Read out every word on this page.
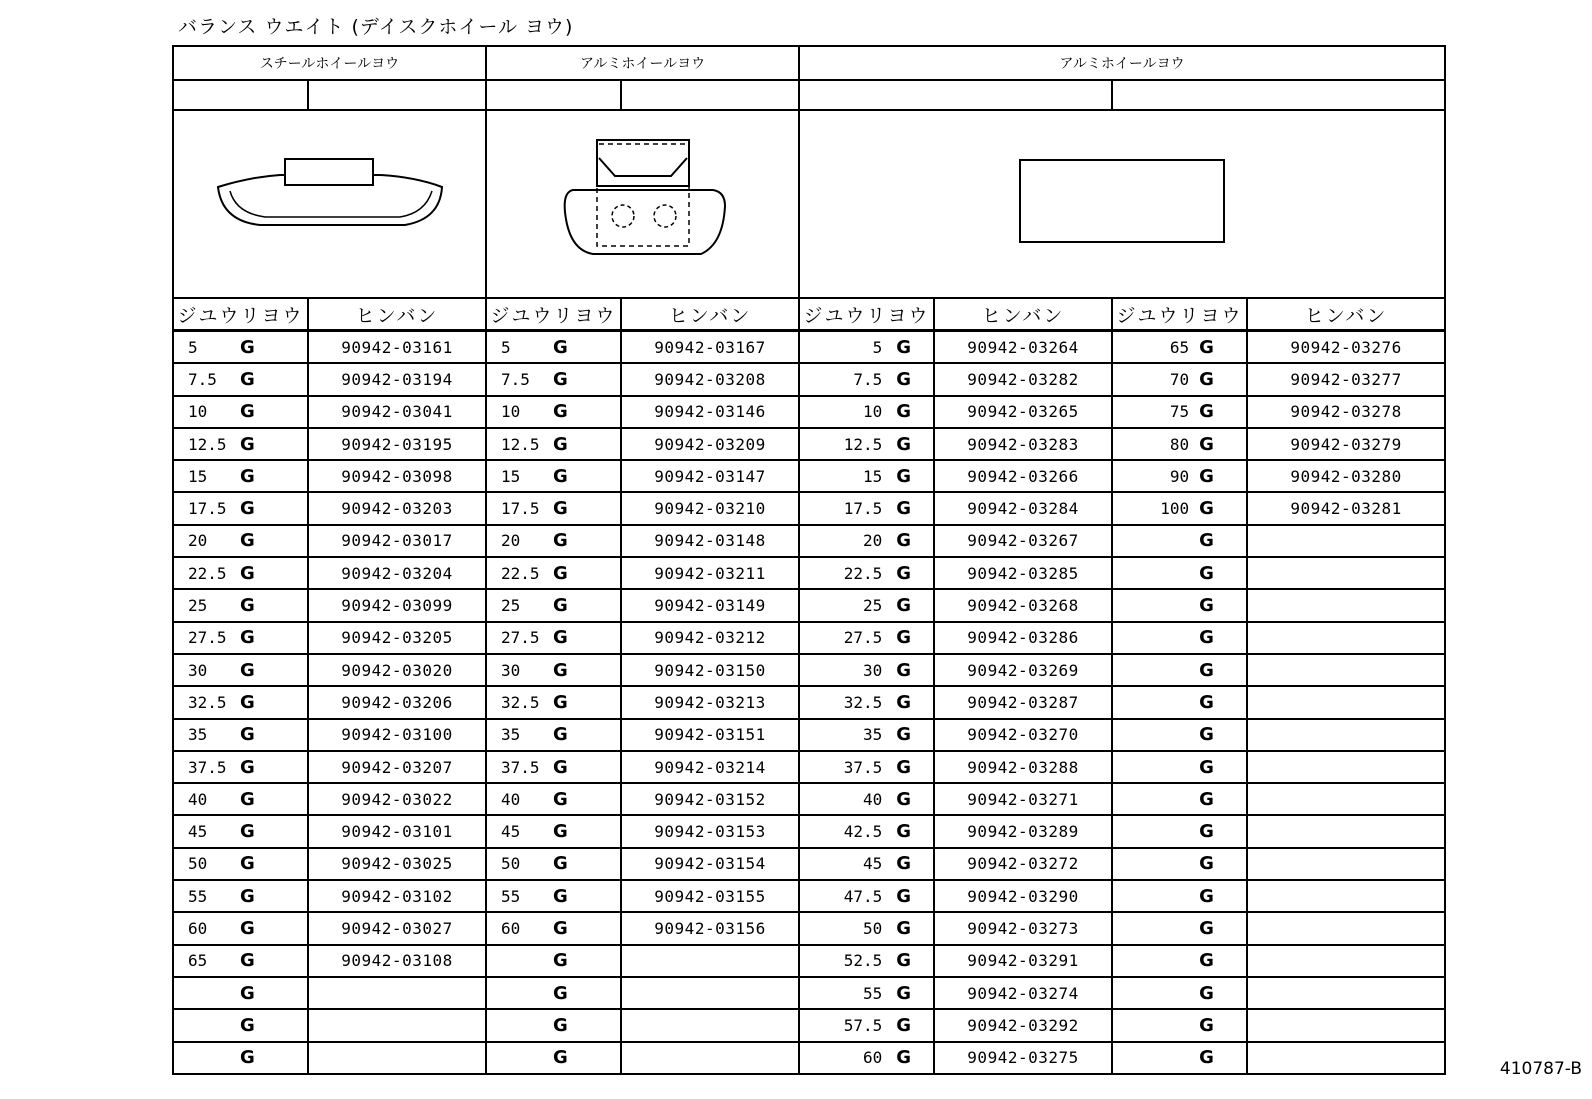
バランス ウエイト (デイスクホイール ヨウ)
スチールホイールヨウ		アルミホイールヨウ		アルミホイールヨウ			

ジユウリヨウ	ヒンバン	ジユウリヨウ	ヒンバン	ジユウリヨウ	ヒンバン	ジユウリヨウ	ヒンバン
5 G	90942-03161	5 G	90942-03167	5 G	90942-03264	65 G	90942-03276
7.5 G	90942-03194	7.5 G	90942-03208	7.5 G	90942-03282	70 G	90942-03277
10 G	90942-03041	10 G	90942-03146	10 G	90942-03265	75 G	90942-03278
12.5 G	90942-03195	12.5 G	90942-03209	12.5 G	90942-03283	80 G	90942-03279
15 G	90942-03098	15 G	90942-03147	15 G	90942-03266	90 G	90942-03280
17.5 G	90942-03203	17.5 G	90942-03210	17.5 G	90942-03284	100 G	90942-03281
20 G	90942-03017	20 G	90942-03148	20 G	90942-03267	G	
22.5 G	90942-03204	22.5 G	90942-03211	22.5 G	90942-03285	G	
25 G	90942-03099	25 G	90942-03149	25 G	90942-03268	G	
27.5 G	90942-03205	27.5 G	90942-03212	27.5 G	90942-03286	G	
30 G	90942-03020	30 G	90942-03150	30 G	90942-03269	G	
32.5 G	90942-03206	32.5 G	90942-03213	32.5 G	90942-03287	G	
35 G	90942-03100	35 G	90942-03151	35 G	90942-03270	G	
37.5 G	90942-03207	37.5 G	90942-03214	37.5 G	90942-03288	G	
40 G	90942-03022	40 G	90942-03152	40 G	90942-03271	G	
45 G	90942-03101	45 G	90942-03153	42.5 G	90942-03289	G	
50 G	90942-03025	50 G	90942-03154	45 G	90942-03272	G	
55 G	90942-03102	55 G	90942-03155	47.5 G	90942-03290	G	
60 G	90942-03027	60 G	90942-03156	50 G	90942-03273	G	
65 G	90942-03108	G		52.5 G	90942-03291	G	
G		G		55 G	90942-03274	G	
G		G		57.5 G	90942-03292	G	
G		G		60 G	90942-03275	G	
410787-B
